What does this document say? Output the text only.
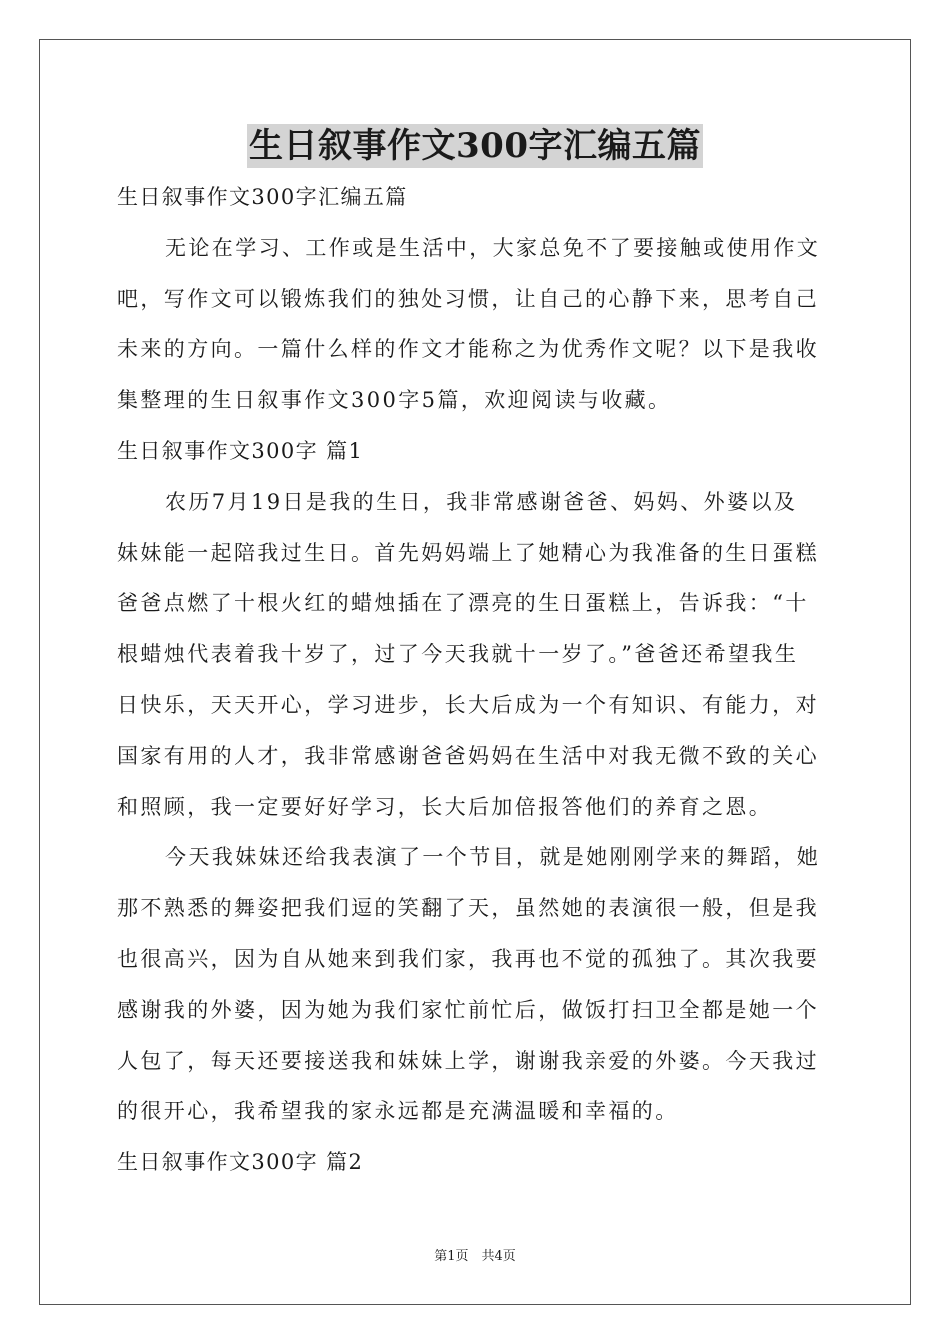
生日叙事作文300字汇编五篇
生日叙事作文300字汇编五篇
无论在学习、工作或是生活中，大家总免不了要接触或使用作文
吧，写作文可以锻炼我们的独处习惯，让自己的心静下来，思考自己
未来的方向。一篇什么样的作文才能称之为优秀作文呢？以下是我收
集整理的生日叙事作文300字5篇，欢迎阅读与收藏。
生日叙事作文300字 篇1
农历7月19日是我的生日，我非常感谢爸爸、妈妈、外婆以及
妹妹能一起陪我过生日。首先妈妈端上了她精心为我准备的生日蛋糕
爸爸点燃了十根火红的蜡烛插在了漂亮的生日蛋糕上，告诉我：“十
根蜡烛代表着我十岁了，过了今天我就十一岁了。”爸爸还希望我生
日快乐，天天开心，学习进步，长大后成为一个有知识、有能力，对
国家有用的人才，我非常感谢爸爸妈妈在生活中对我无微不致的关心
和照顾，我一定要好好学习，长大后加倍报答他们的养育之恩。
今天我妹妹还给我表演了一个节目，就是她刚刚学来的舞蹈，她
那不熟悉的舞姿把我们逗的笑翻了天，虽然她的表演很一般，但是我
也很高兴，因为自从她来到我们家，我再也不觉的孤独了。其次我要
感谢我的外婆，因为她为我们家忙前忙后，做饭打扫卫全都是她一个
人包了，每天还要接送我和妹妹上学，谢谢我亲爱的外婆。今天我过
的很开心，我希望我的家永远都是充满温暖和幸福的。
生日叙事作文300字 篇2
第1页　共4页
